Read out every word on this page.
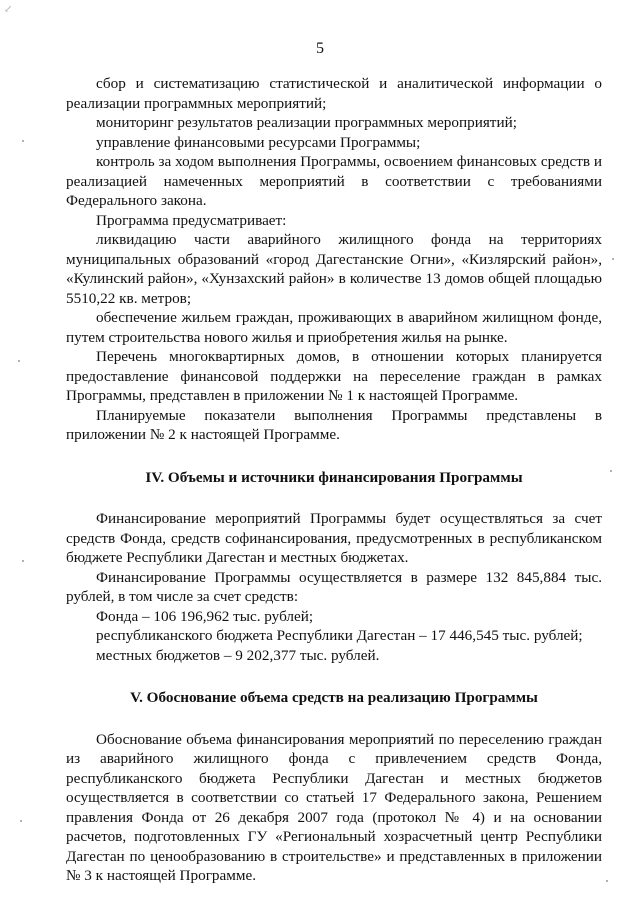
5

сбор и систематизацию статистической и аналитической информации о реализации программных мероприятий;

мониторинг результатов реализации программных мероприятий;

управление финансовыми ресурсами Программы;

контроль за ходом выполнения Программы, освоением финансовых средств и реализацией намеченных мероприятий в соответствии с требованиями Федерального закона.

Программа предусматривает:

ликвидацию части аварийного жилищного фонда на территориях муниципальных образований «город Дагестанские Огни», «Кизлярский район», «Кулинский район», «Хунзахский район» в количестве 13 домов общей площадью 5510,22 кв. метров;

обеспечение жильем граждан, проживающих в аварийном жилищном фонде, путем строительства нового жилья и приобретения жилья на рынке.

Перечень многоквартирных домов, в отношении которых планируется предоставление финансовой поддержки на переселение граждан в рамках Программы, представлен в приложении № 1 к настоящей Программе.

Планируемые показатели выполнения Программы представлены в приложении № 2 к настоящей Программе.

IV. Объемы и источники финансирования Программы

Финансирование мероприятий Программы будет осуществляться за счет средств Фонда, средств софинансирования, предусмотренных в республиканском бюджете Республики Дагестан и местных бюджетах.

Финансирование Программы осуществляется в размере 132 845,884 тыс. рублей, в том числе за счет средств:

Фонда – 106 196,962 тыс. рублей;

республиканского бюджета Республики Дагестан – 17 446,545 тыс. рублей;

местных бюджетов – 9 202,377 тыс. рублей.

V. Обоснование объема средств на реализацию Программы

Обоснование объема финансирования мероприятий по переселению граждан из аварийного жилищного фонда с привлечением средств Фонда, республиканского бюджета Республики Дагестан и местных бюджетов осуществляется в соответствии со статьей 17 Федерального закона, Решением правления Фонда от 26 декабря 2007 года (протокол № 4) и на основании расчетов, подготовленных ГУ «Региональный хозрасчетный центр Республики Дагестан по ценообразованию в строительстве» и представленных в приложении № 3 к настоящей Программе.

↙
